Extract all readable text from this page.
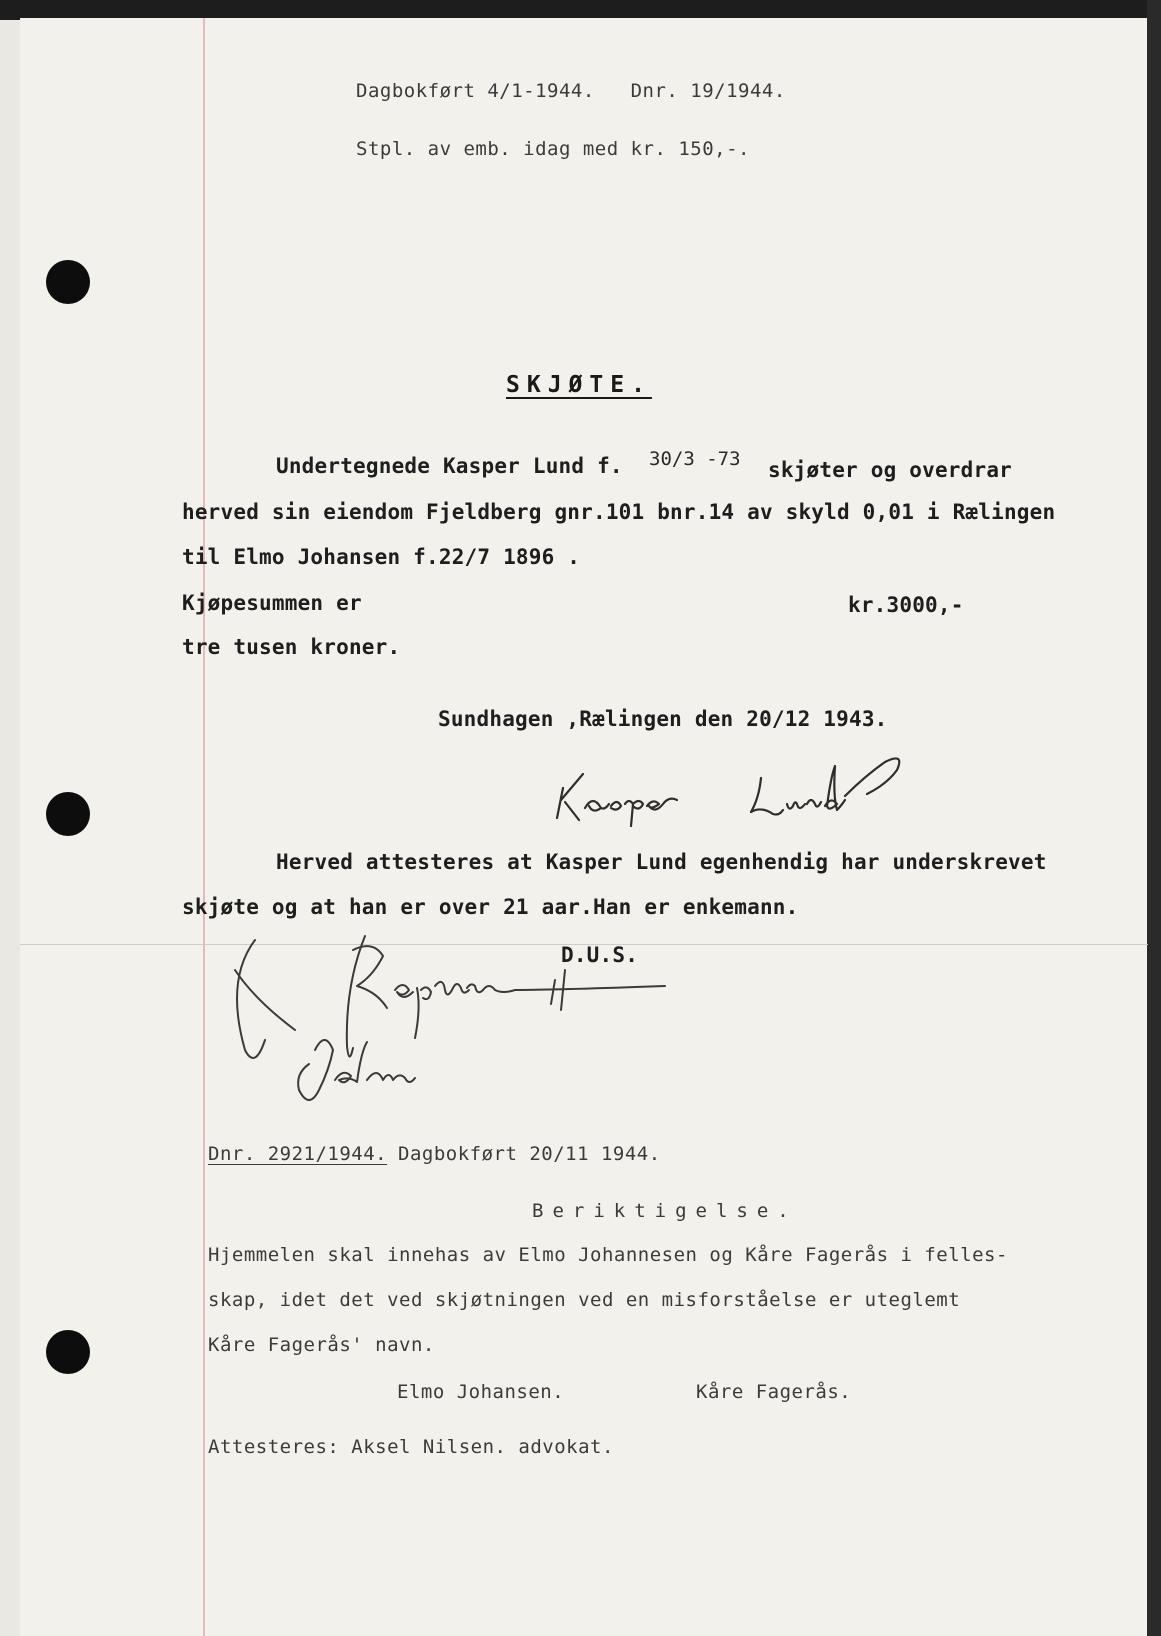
Dagbokført 4/1-1944.   Dnr. 19/1944.
Stpl. av emb. idag med kr. 150,-.
SKJØTE.
Undertegnede Kasper Lund f. 30/3 -73 skjøter og overdrar
herved sin eiendom Fjeldberg gnr.101 bnr.14 av skyld 0,01 i Rælingen
til Elmo Johansen f.22/7 1896 .
Kjøpesummen er	kr.3000,-
tre tusen kroner.
Sundhagen ,Rælingen den 20/12 1943.
Herved attesteres at Kasper Lund egenhendig har underskrevet
skjøte og at han er over 21 aar.Han er enkemann.
D.U.S.
Dnr. 2921/1944. Dagbokført 20/11 1944.
Beriktigelse.
Hjemmelen skal innehas av Elmo Johannesen og Kåre Fagerås i felles-
skap, idet det ved skjøtningen ved en misforståelse er uteglemt
Kåre Fagerås' navn.
Elmo Johansen.	Kåre Fagerås.
Attesteres: Aksel Nilsen. advokat.
